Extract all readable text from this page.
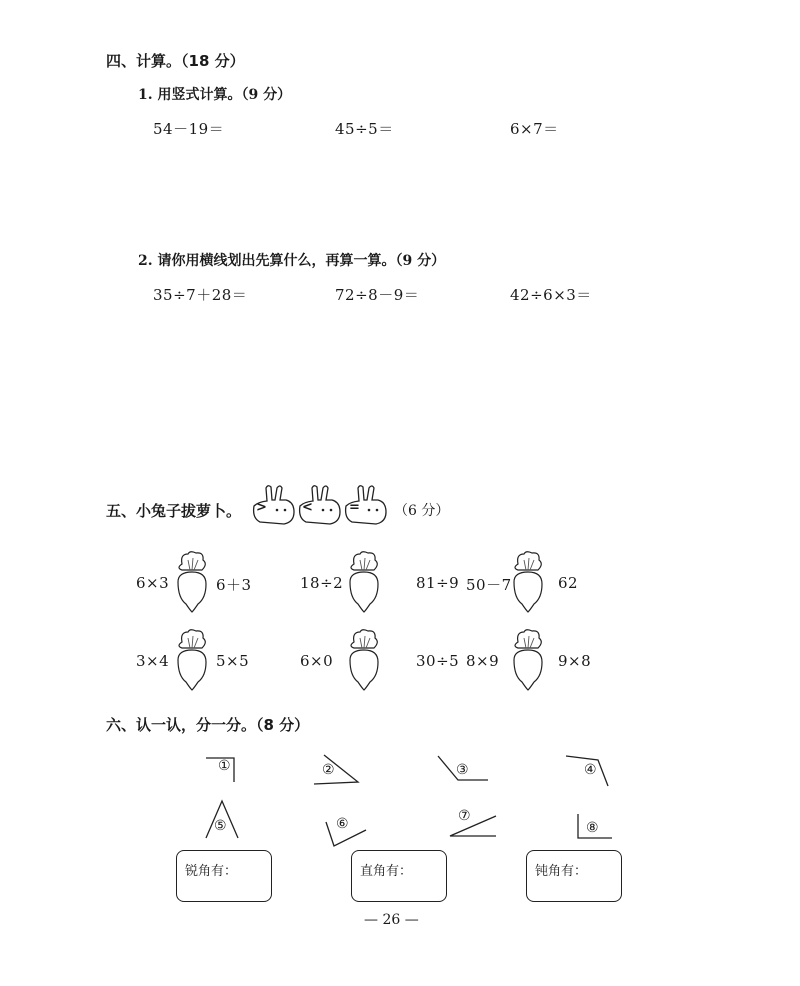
四、计算。（18 分）
1. 用竖式计算。（9 分）
54－19＝	45÷5＝	6×7＝
2. 请你用横线划出先算什么，再算一算。（9 分）
35÷7＋28＝	72÷8－9＝	42÷6×3＝
五、小兔子拔萝卜。 >	<	= （6 分）
6×3	6＋3	18÷2	81÷9 50－7	62
3×4	5×5	6×0	30÷5 8×9	9×8
六、认一认，分一分。（8 分）
①	②	③	④
⑤	⑥	⑦
⑧
锐角有：	直角有：	钝角有：
— 26 —
